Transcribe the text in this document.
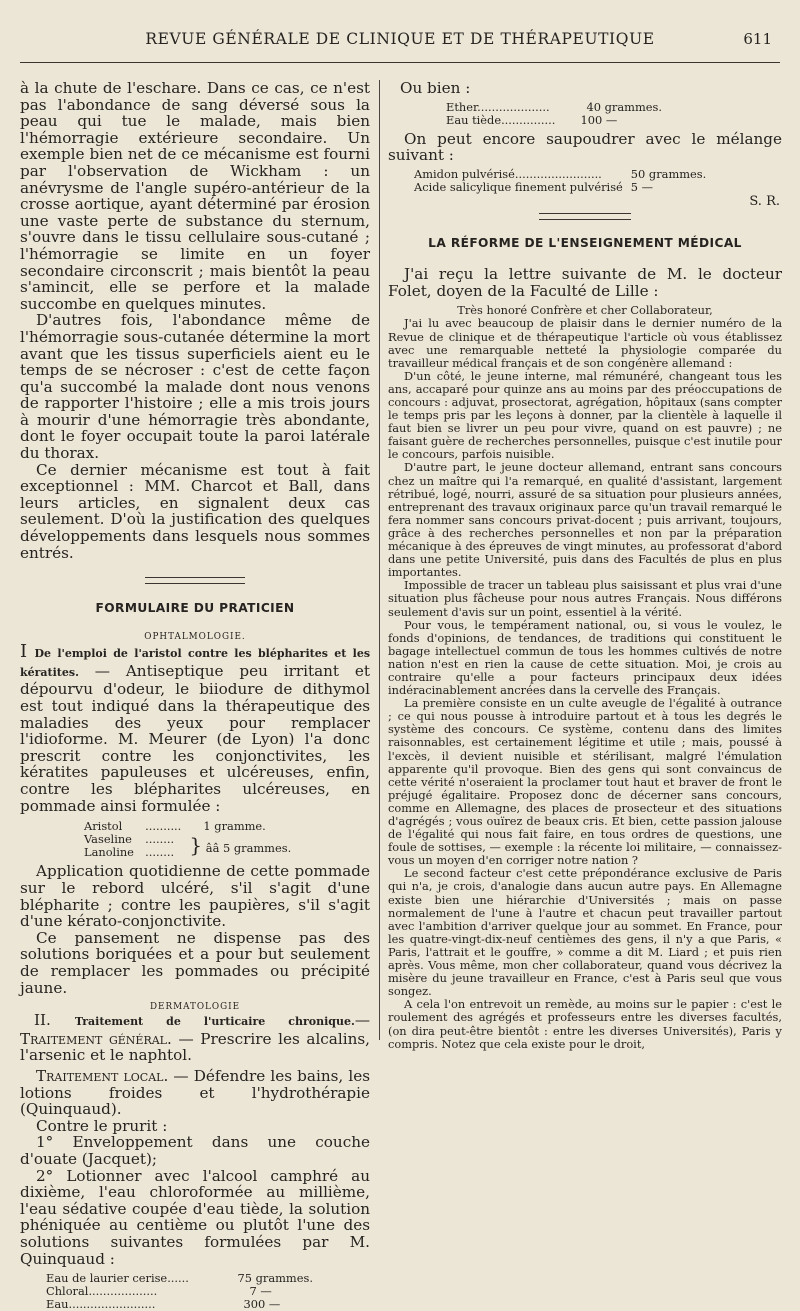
REVUE GÉNÉRALE DE CLINIQUE ET DE THÉRAPEUTIQUE	611

à la chute de l'eschare. Dans ce cas, ce n'est pas l'abondance de sang déversé sous la peau qui tue le malade, mais bien l'hémorragie extérieure secondaire. Un exemple bien net de ce mécanisme est fourni par l'observation de Wickham : un anévrysme de l'angle supéro-antérieur de la crosse aortique, ayant déterminé par érosion une vaste perte de substance du sternum, s'ouvre dans le tissu cellulaire sous-cutané ; l'hémorragie se limite en un foyer secondaire circonscrit ; mais bientôt la peau s'amincit, elle se perfore et la malade succombe en quelques minutes.

D'autres fois, l'abondance même de l'hémorragie sous-cutanée détermine la mort avant que les tissus superficiels aient eu le temps de se nécroser : c'est de cette façon qu'a succombé la malade dont nous venons de rapporter l'histoire ; elle a mis trois jours à mourir d'une hémorragie très abondante, dont le foyer occupait toute la paroi latérale du thorax.

Ce dernier mécanisme est tout à fait exceptionnel : MM. Charcot et Ball, dans leurs articles, en signalent deux cas seulement. D'où la justification des quelques développements dans lesquels nous sommes entrés.

FORMULAIRE DU PRATICIEN

OPHTALMOLOGIE.

I De l'emploi de l'aristol contre les blépharites et les kératites. — Antiseptique peu irritant et dépourvu d'odeur, le biiodure de dithymol est tout indiqué dans la thérapeutique des maladies des yeux pour remplacer l'idioforme. M. Meurer (de Lyon) l'a donc prescrit contre les conjonctivites, les kératites papuleuses et ulcéreuses, enfin, contre les blépharites ulcéreuses, en pommade ainsi formulée :

Aristol	..........	1 gramme.
Vaseline	........	} ââ 5 grammes.
Lanoline	........	

Application quotidienne de cette pommade sur le rebord ulcéré, s'il s'agit d'une blépharite ; contre les paupières, s'il s'agit d'une kérato-conjonctivite.

Ce pansement ne dispense pas des solutions boriquées et a pour but seulement de remplacer les pommades ou précipité jaune.

DERMATOLOGIE

II. Traitement de l'urticaire chronique.—Traitement général. — Prescrire les alcalins, l'arsenic et le naphtol.

Traitement local. — Défendre les bains, les lotions froides et l'hydrothérapie (Quinquaud).

Contre le prurit :

1° Enveloppement dans une couche d'ouate (Jacquet);

2° Lotionner avec l'alcool camphré au dixième, l'eau chloroformée au millième, l'eau sédative coupée d'eau tiède, la solution phéniquée au centième ou plutôt l'une des solutions suivantes formulées par M. Quinquaud :

Eau de laurier cerise......	75 grammes.
Chloral...................	7 —
Eau........................	300 —

Ou bien :

Ether....................	40 grammes.
Eau tiède...............	100 —

On peut encore saupoudrer avec le mélange suivant :

Amidon pulvérisé........................	50 grammes.
Acide salicylique finement pulvérisé	5 —

S. R.

LA RÉFORME DE L'ENSEIGNEMENT MÉDICAL

J'ai reçu la lettre suivante de M. le docteur Folet, doyen de la Faculté de Lille :

Très honoré Confrère et cher Collaborateur,

J'ai lu avec beaucoup de plaisir dans le dernier numéro de la Revue de clinique et de thérapeutique l'article où vous établissez avec une remarquable netteté la physiologie comparée du travailleur médical français et de son congénère allemand :

D'un côté, le jeune interne, mal rémunéré, changeant tous les ans, accaparé pour quinze ans au moins par des préoccupations de concours : adjuvat, prosectorat, agrégation, hôpitaux (sans compter le temps pris par les leçons à donner, par la clientèle à laquelle il faut bien se livrer un peu pour vivre, quand on est pauvre) ; ne faisant guère de recherches personnelles, puisque c'est inutile pour le concours, parfois nuisible.

D'autre part, le jeune docteur allemand, entrant sans concours chez un maître qui l'a remarqué, en qualité d'assistant, largement rétribué, logé, nourri, assuré de sa situation pour plusieurs années, entreprenant des travaux originaux parce qu'un travail remarqué le fera nommer sans concours privat-docent ; puis arrivant, toujours, grâce à des recherches personnelles et non par la préparation mécanique à des épreuves de vingt minutes, au professorat d'abord dans une petite Université, puis dans des Facultés de plus en plus importantes.

Impossible de tracer un tableau plus saisissant et plus vrai d'une situation plus fâcheuse pour nous autres Français. Nous différons seulement d'avis sur un point, essentiel à la vérité.

Pour vous, le tempérament national, ou, si vous le voulez, le fonds d'opinions, de tendances, de traditions qui constituent le bagage intellectuel commun de tous les hommes cultivés de notre nation n'est en rien la cause de cette situation. Moi, je crois au contraire qu'elle a pour facteurs principaux deux idées indéracinablement ancrées dans la cervelle des Français.

La première consiste en un culte aveugle de l'égalité à outrance ; ce qui nous pousse à introduire partout et à tous les degrés le système des concours. Ce système, contenu dans des limites raisonnables, est certainement légitime et utile ; mais, poussé à l'excès, il devient nuisible et stérilisant, malgré l'émulation apparente qu'il provoque. Bien des gens qui sont convaincus de cette vérité n'oseraient la proclamer tout haut et braver de front le préjugé égalitaire. Proposez donc de décerner sans concours, comme en Allemagne, des places de prosecteur et des situations d'agrégés ; vous ouïrez de beaux cris. Et bien, cette passion jalouse de l'égalité qui nous fait faire, en tous ordres de questions, une foule de sottises, — exemple : la récente loi militaire, — connaissez-vous un moyen d'en corriger notre nation ?

Le second facteur c'est cette prépondérance exclusive de Paris qui n'a, je crois, d'analogie dans aucun autre pays. En Allemagne existe bien une hiérarchie d'Universités ; mais on passe normalement de l'une à l'autre et chacun peut travailler partout avec l'ambition d'arriver quelque jour au sommet. En France, pour les quatre-vingt-dix-neuf centièmes des gens, il n'y a que Paris, « Paris, l'attrait et le gouffre, » comme a dit M. Liard ; et puis rien après. Vous même, mon cher collaborateur, quand vous décrivez la misère du jeune travailleur en France, c'est à Paris seul que vous songez.

A cela l'on entrevoit un remède, au moins sur le papier : c'est le roulement des agrégés et professeurs entre les diverses facultés, (on dira peut-être bientôt : entre les diverses Universités), Paris y compris. Notez que cela existe pour le droit,
